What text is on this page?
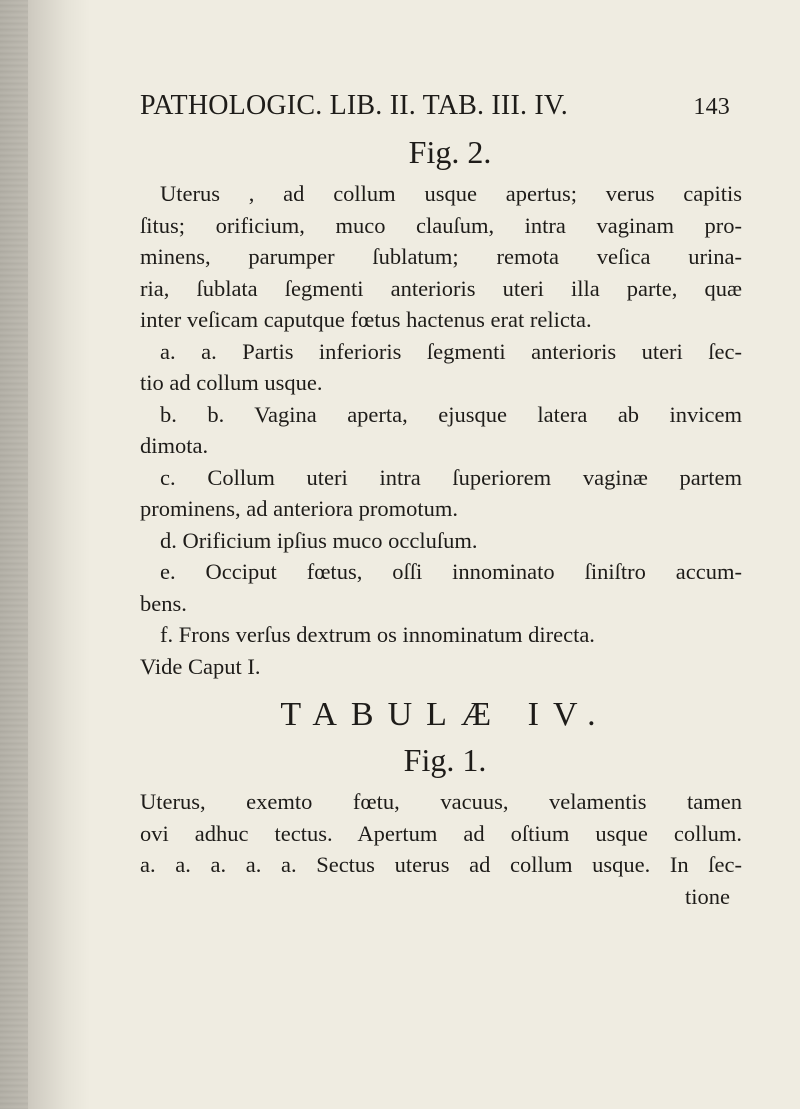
PATHOLOGIC. LIB. II. TAB. III. IV.	143
Fig. 2.
Uterus , ad collum usque apertus; verus capitis
ſitus; orificium, muco clauſum, intra vaginam pro-
minens, parumper ſublatum; remota veſica urina-
ria, ſublata ſegmenti anterioris uteri illa parte, quæ
inter veſicam caputque fœtus hactenus erat relicta.
a. a. Partis inferioris ſegmenti anterioris uteri ſec-
tio ad collum usque.
b. b. Vagina aperta, ejusque latera ab invicem
dimota.
c. Collum uteri intra ſuperiorem vaginæ partem
prominens, ad anteriora promotum.
d. Orificium ipſius muco occluſum.
e. Occiput fœtus, oſſi innominato ſiniſtro accum-
bens.
f. Frons verſus dextrum os innominatum directa.
Vide Caput I.
TABULÆ IV.
Fig. 1.
Uterus, exemto fœtu, vacuus, velamentis tamen
ovi adhuc tectus. Apertum ad oſtium usque collum.
a. a. a. a. a. Sectus uterus ad collum usque. In ſec-
tione
